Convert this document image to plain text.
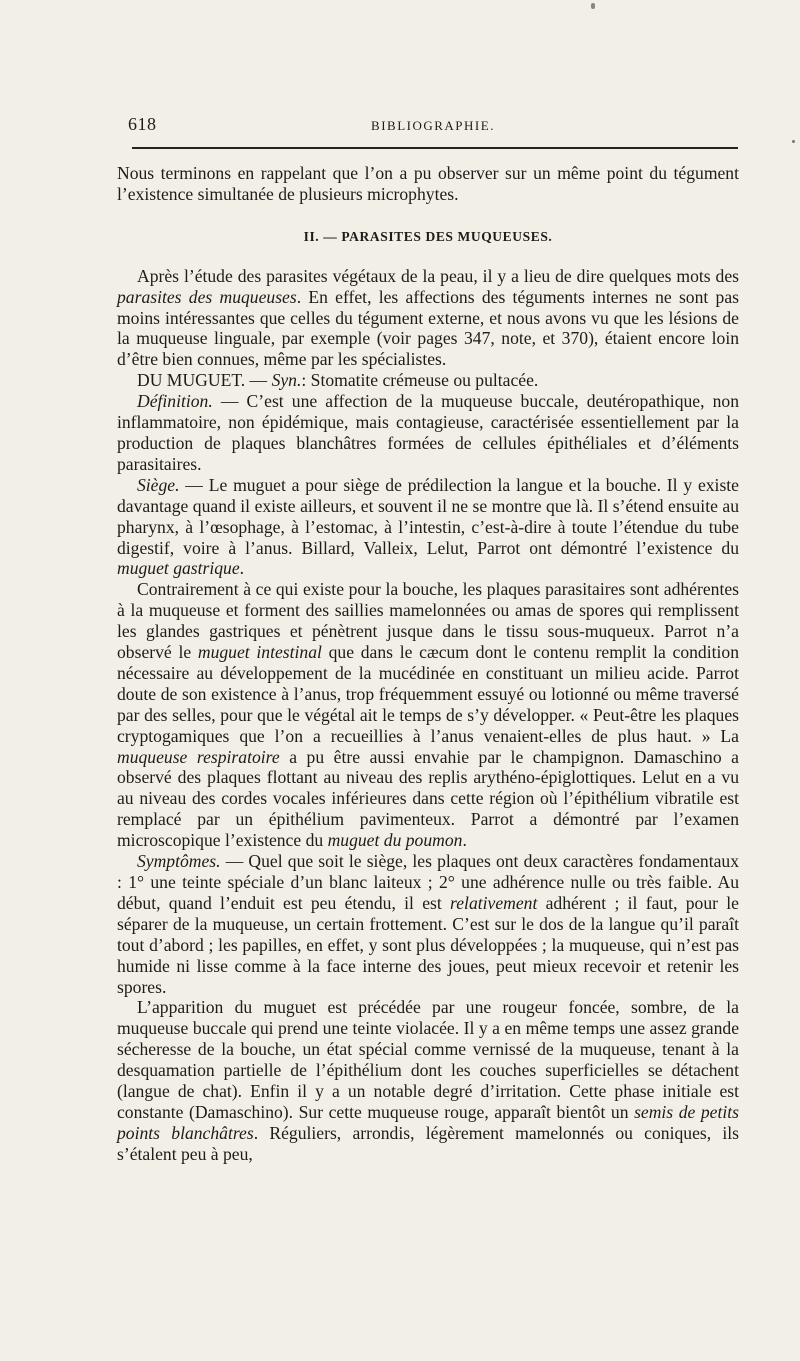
618	BIBLIOGRAPHIE.

Nous terminons en rappelant que l’on a pu observer sur un même point du tégument l’existence simultanée de plusieurs microphytes.

II. — PARASITES DES MUQUEUSES.

Après l’étude des parasites végétaux de la peau, il y a lieu de dire quelques mots des parasites des muqueuses. En effet, les affections des téguments internes ne sont pas moins intéressantes que celles du tégument externe, et nous avons vu que les lésions de la muqueuse linguale, par exemple (voir pages 347, note, et 370), étaient encore loin d’être bien connues, même par les spécialistes.

DU MUGUET. — Syn.: Stomatite crémeuse ou pultacée.

Définition. — C’est une affection de la muqueuse buccale, deutéropathique, non inflammatoire, non épidémique, mais contagieuse, caractérisée essentiellement par la production de plaques blanchâtres formées de cellules épithéliales et d’éléments parasitaires.

Siège. — Le muguet a pour siège de prédilection la langue et la bouche. Il y existe davantage quand il existe ailleurs, et souvent il ne se montre que là. Il s’étend ensuite au pharynx, à l’œsophage, à l’estomac, à l’intestin, c’est-à-dire à toute l’étendue du tube digestif, voire à l’anus. Billard, Valleix, Lelut, Parrot ont démontré l’existence du muguet gastrique.

Contrairement à ce qui existe pour la bouche, les plaques parasitaires sont adhérentes à la muqueuse et forment des saillies mamelonnées ou amas de spores qui remplissent les glandes gastriques et pénètrent jusque dans le tissu sous-muqueux. Parrot n’a observé le muguet intestinal que dans le cæcum dont le contenu remplit la condition nécessaire au développement de la mucédinée en constituant un milieu acide. Parrot doute de son existence à l’anus, trop fréquemment essuyé ou lotionné ou même traversé par des selles, pour que le végétal ait le temps de s’y développer. « Peut-être les plaques cryptogamiques que l’on a recueillies à l’anus venaient-elles de plus haut. » La muqueuse respiratoire a pu être aussi envahie par le champignon. Damaschino a observé des plaques flottant au niveau des replis arythéno-épiglottiques. Lelut en a vu au niveau des cordes vocales inférieures dans cette région où l’épithélium vibratile est remplacé par un épithélium pavimenteux. Parrot a démontré par l’examen microscopique l’existence du muguet du poumon.

Symptômes. — Quel que soit le siège, les plaques ont deux caractères fondamentaux : 1° une teinte spéciale d’un blanc laiteux ; 2° une adhérence nulle ou très faible. Au début, quand l’enduit est peu étendu, il est relativement adhérent ; il faut, pour le séparer de la muqueuse, un certain frottement. C’est sur le dos de la langue qu’il paraît tout d’abord ; les papilles, en effet, y sont plus développées ; la muqueuse, qui n’est pas humide ni lisse comme à la face interne des joues, peut mieux recevoir et retenir les spores.

L’apparition du muguet est précédée par une rougeur foncée, sombre, de la muqueuse buccale qui prend une teinte violacée. Il y a en même temps une assez grande sécheresse de la bouche, un état spécial comme vernissé de la muqueuse, tenant à la desquamation partielle de l’épithélium dont les couches superficielles se détachent (langue de chat). Enfin il y a un notable degré d’irritation. Cette phase initiale est constante (Damaschino). Sur cette muqueuse rouge, apparaît bientôt un semis de petits points blanchâtres. Réguliers, arrondis, légèrement mamelonnés ou coniques, ils s’étalent peu à peu,
